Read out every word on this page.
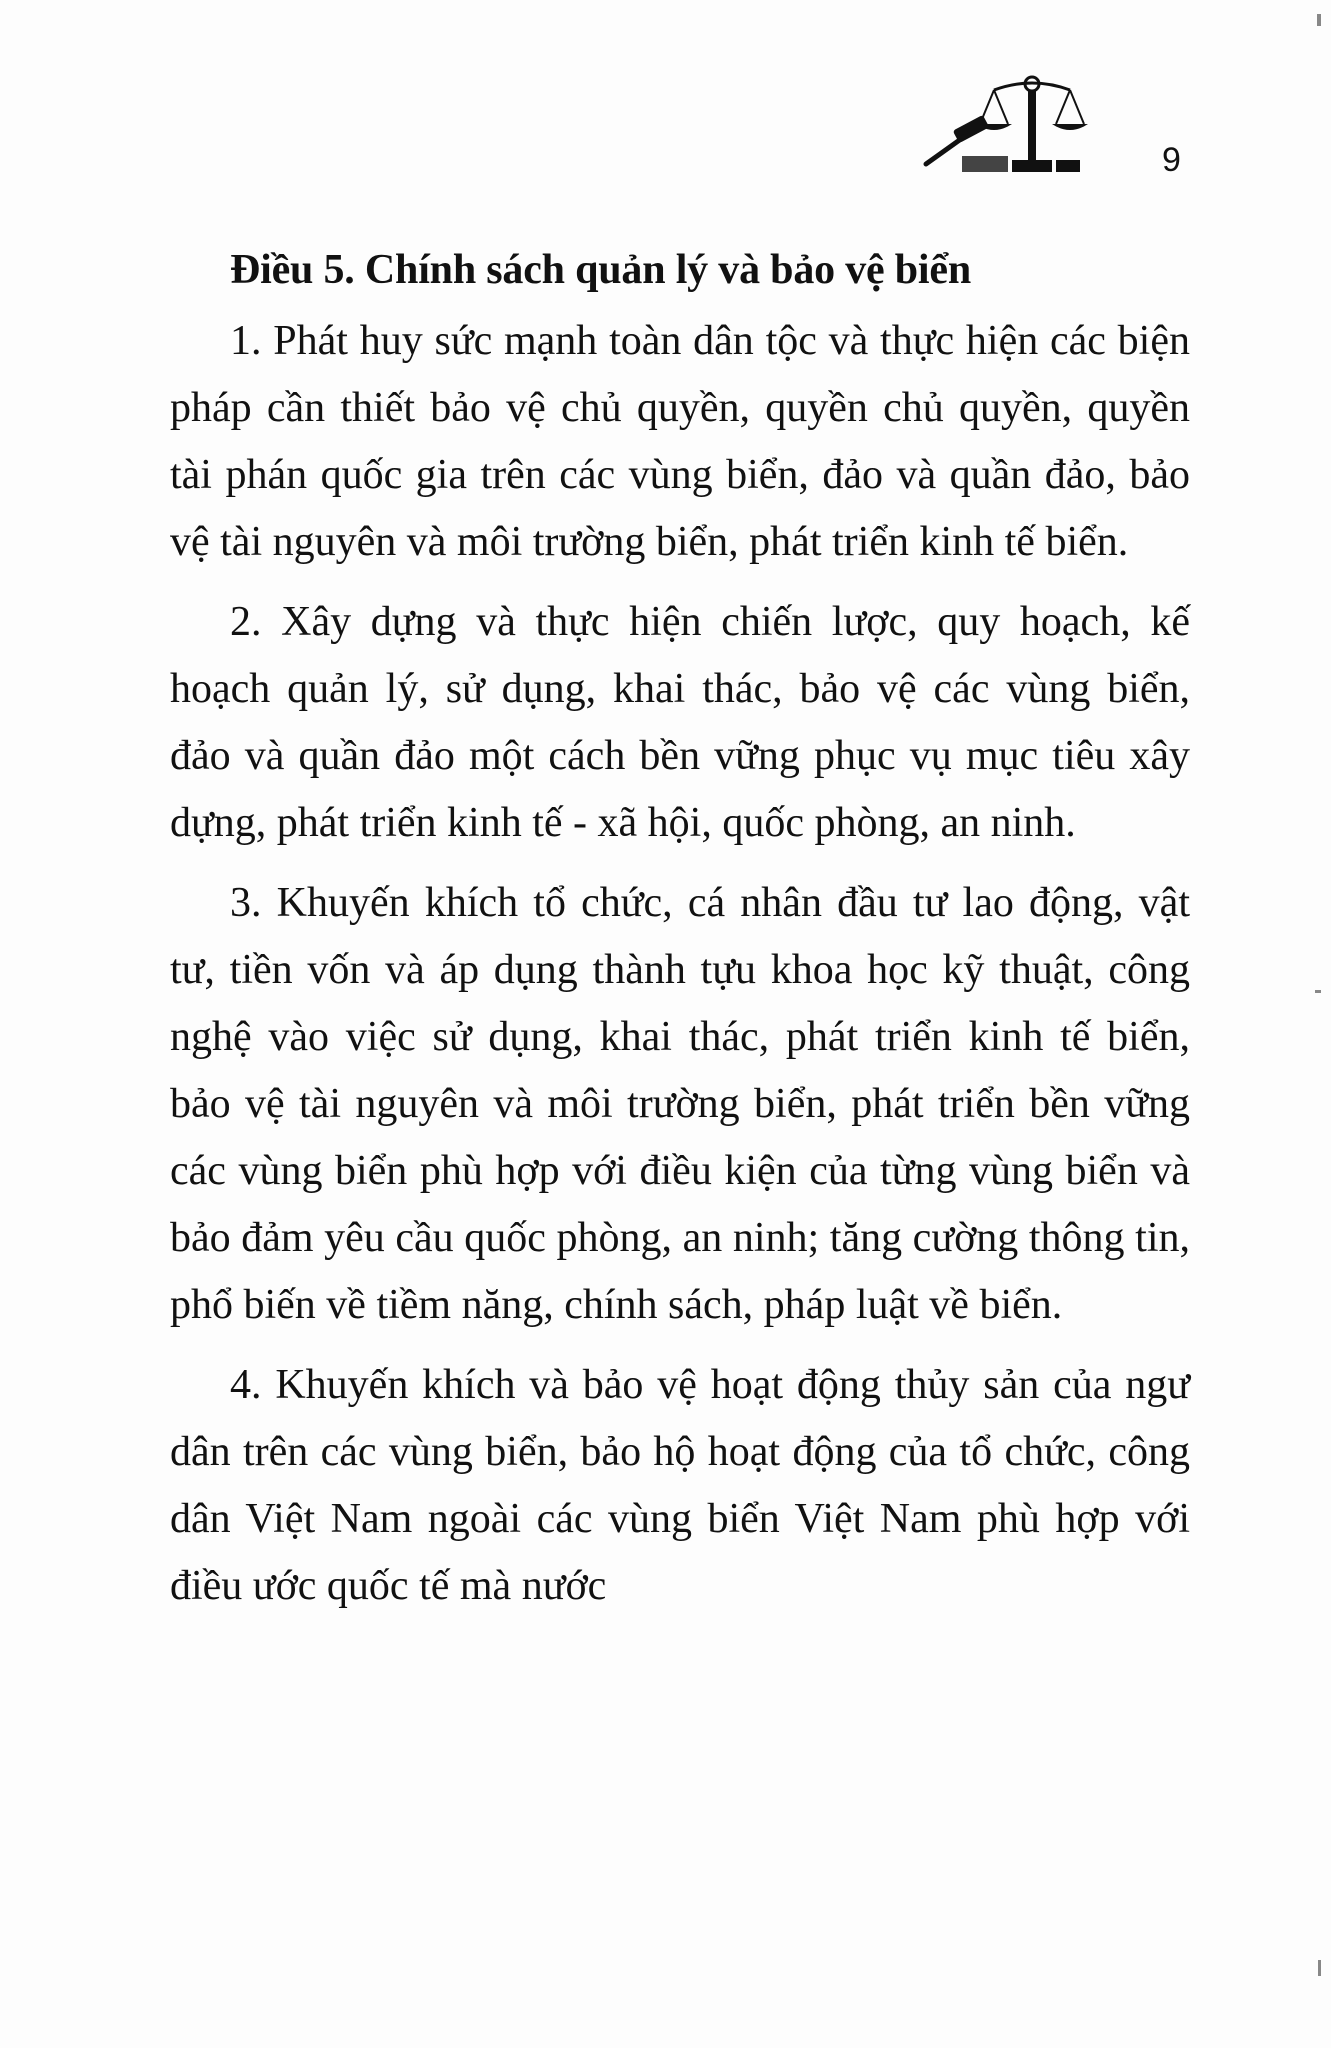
9
Điều 5. Chính sách quản lý và bảo vệ biển

1. Phát huy sức mạnh toàn dân tộc và thực hiện các biện pháp cần thiết bảo vệ chủ quyền, quyền chủ quyền, quyền tài phán quốc gia trên các vùng biển, đảo và quần đảo, bảo vệ tài nguyên và môi trường biển, phát triển kinh tế biển.

2. Xây dựng và thực hiện chiến lược, quy hoạch, kế hoạch quản lý, sử dụng, khai thác, bảo vệ các vùng biển, đảo và quần đảo một cách bền vững phục vụ mục tiêu xây dựng, phát triển kinh tế - xã hội, quốc phòng, an ninh.

3. Khuyến khích tổ chức, cá nhân đầu tư lao động, vật tư, tiền vốn và áp dụng thành tựu khoa học kỹ thuật, công nghệ vào việc sử dụng, khai thác, phát triển kinh tế biển, bảo vệ tài nguyên và môi trường biển, phát triển bền vững các vùng biển phù hợp với điều kiện của từng vùng biển và bảo đảm yêu cầu quốc phòng, an ninh; tăng cường thông tin, phổ biến về tiềm năng, chính sách, pháp luật về biển.

4. Khuyến khích và bảo vệ hoạt động thủy sản của ngư dân trên các vùng biển, bảo hộ hoạt động của tổ chức, công dân Việt Nam ngoài các vùng biển Việt Nam phù hợp với điều ước quốc tế mà nước
